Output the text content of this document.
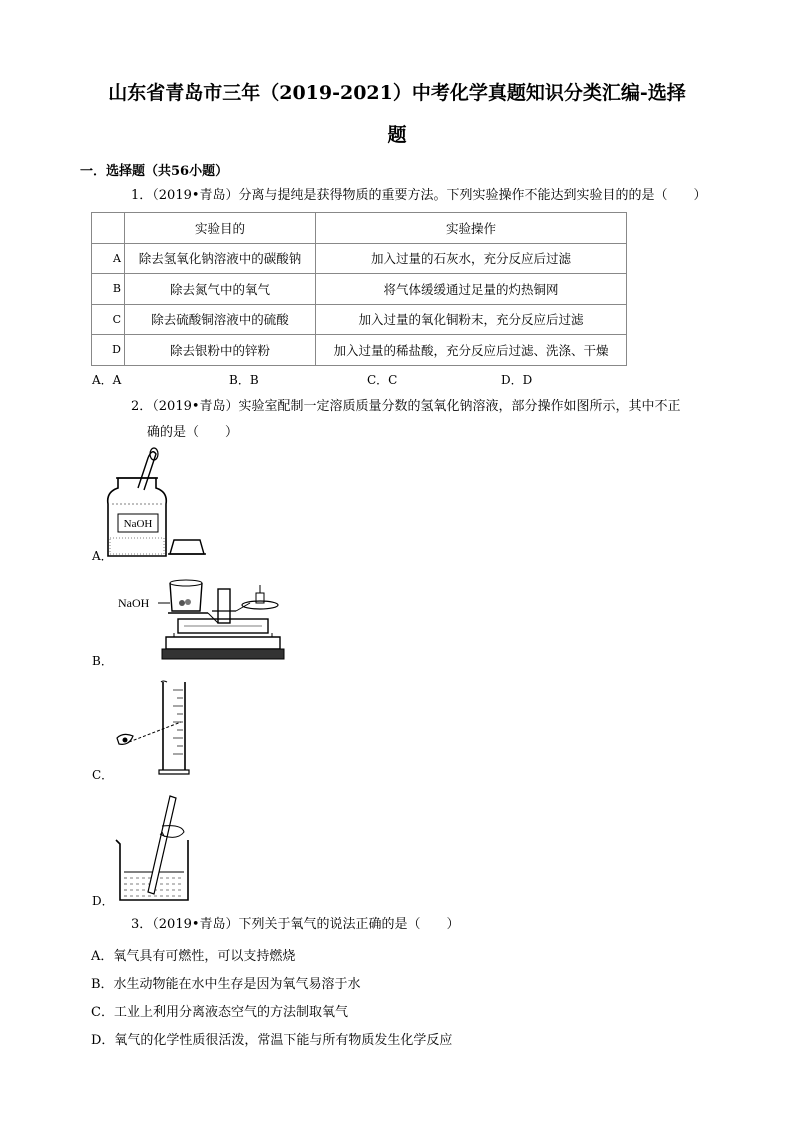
山东省青岛市三年（2019-2021）中考化学真题知识分类汇编-选择
题
一．选择题（共56小题）
1．（2019•青岛）分离与提纯是获得物质的重要方法。下列实验操作不能达到实验目的的是（　　）
	实验目的	实验操作
A	除去氢氧化钠溶液中的碳酸钠	加入过量的石灰水，充分反应后过滤
B	除去氮气中的氧气	将气体缓缓通过足量的灼热铜网
C	除去硫酸铜溶液中的硫酸	加入过量的氧化铜粉末，充分反应后过滤
D	除去银粉中的锌粉	加入过量的稀盐酸，充分反应后过滤、洗涤、干燥
A．A	B．B	C．C	D．D
2．（2019•青岛）实验室配制一定溶质质量分数的氢氧化钠溶液，部分操作如图所示，其中不正
确的是（　　）
A．
NaOH
B．
NaOH
C．
D．
3．（2019•青岛）下列关于氧气的说法正确的是（　　）
A．氧气具有可燃性，可以支持燃烧
B．水生动物能在水中生存是因为氧气易溶于水
C．工业上利用分离液态空气的方法制取氧气
D．氧气的化学性质很活泼，常温下能与所有物质发生化学反应
